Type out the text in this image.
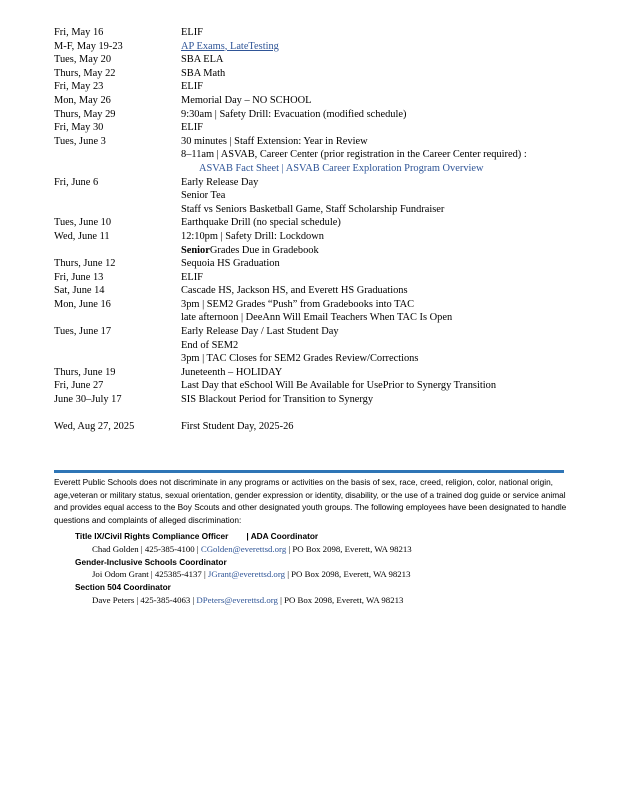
Fri, May 16	ELIF
M-F, May 19-23	AP Exams, LateTesting
Tues, May 20	SBA ELA
Thurs, May 22	SBA Math
Fri, May 23	ELIF
Mon, May 26	Memorial Day – NO SCHOOL
Thurs, May 29	9:30am | Safety Drill: Evacuation (modified schedule)
Fri, May 30	ELIF
Tues, June 3	30 minutes | Staff Extension: Year in Review
8–11am | ASVAB, Career Center (prior registration in the Career Center required) :
ASVAB Fact Sheet | ASVAB Career Exploration Program Overview
Fri, June 6	Early Release Day
Senior Tea
Staff vs Seniors Basketball Game, Staff Scholarship Fundraiser
Tues, June 10	Earthquake Drill (no special schedule)
Wed, June 11	12:10pm | Safety Drill: Lockdown
SeniorGrades Due in Gradebook
Thurs, June 12	Sequoia HS Graduation
Fri, June 13	ELIF
Sat, June 14	Cascade HS, Jackson HS, and Everett HS Graduations
Mon, June 16	3pm | SEM2 Grades “Push” from Gradebooks into TAC
late afternoon | DeeAnn Will Email Teachers When TAC Is Open
Tues, June 17	Early Release Day / Last Student Day
End of SEM2
3pm | TAC Closes for SEM2 Grades Review/Corrections
Thurs, June 19	Juneteenth – HOLIDAY
Fri, June 27	Last Day that eSchool Will Be Available for UsePrior to Synergy Transition
June 30–July 17	SIS Blackout Period for Transition to Synergy
Wed, Aug 27, 2025	First Student Day, 2025-26
Everett Public Schools does not discriminate in any programs or activities on the basis of sex, race, creed, religion, color, national origin, age,veteran or military status, sexual orientation, gender expression or identity, disability, or the use of a trained dog guide or service animal and provides equal access to the Boy Scouts and other designated youth groups. The following employees have been designated to handle questions and complaints of alleged discrimination:
Title IX/Civil Rights Compliance Officer | ADA Coordinator
Chad Golden | 425-385-4100 | CGolden@everettsd.org | PO Box 2098, Everett, WA 98213
Gender-Inclusive Schools Coordinator
Joi Odom Grant | 425385-4137 | JGrant@everettsd.org | PO Box 2098, Everett, WA 98213
Section 504 Coordinator
Dave Peters | 425-385-4063 | DPeters@everettsd.org | PO Box 2098, Everett, WA 98213
